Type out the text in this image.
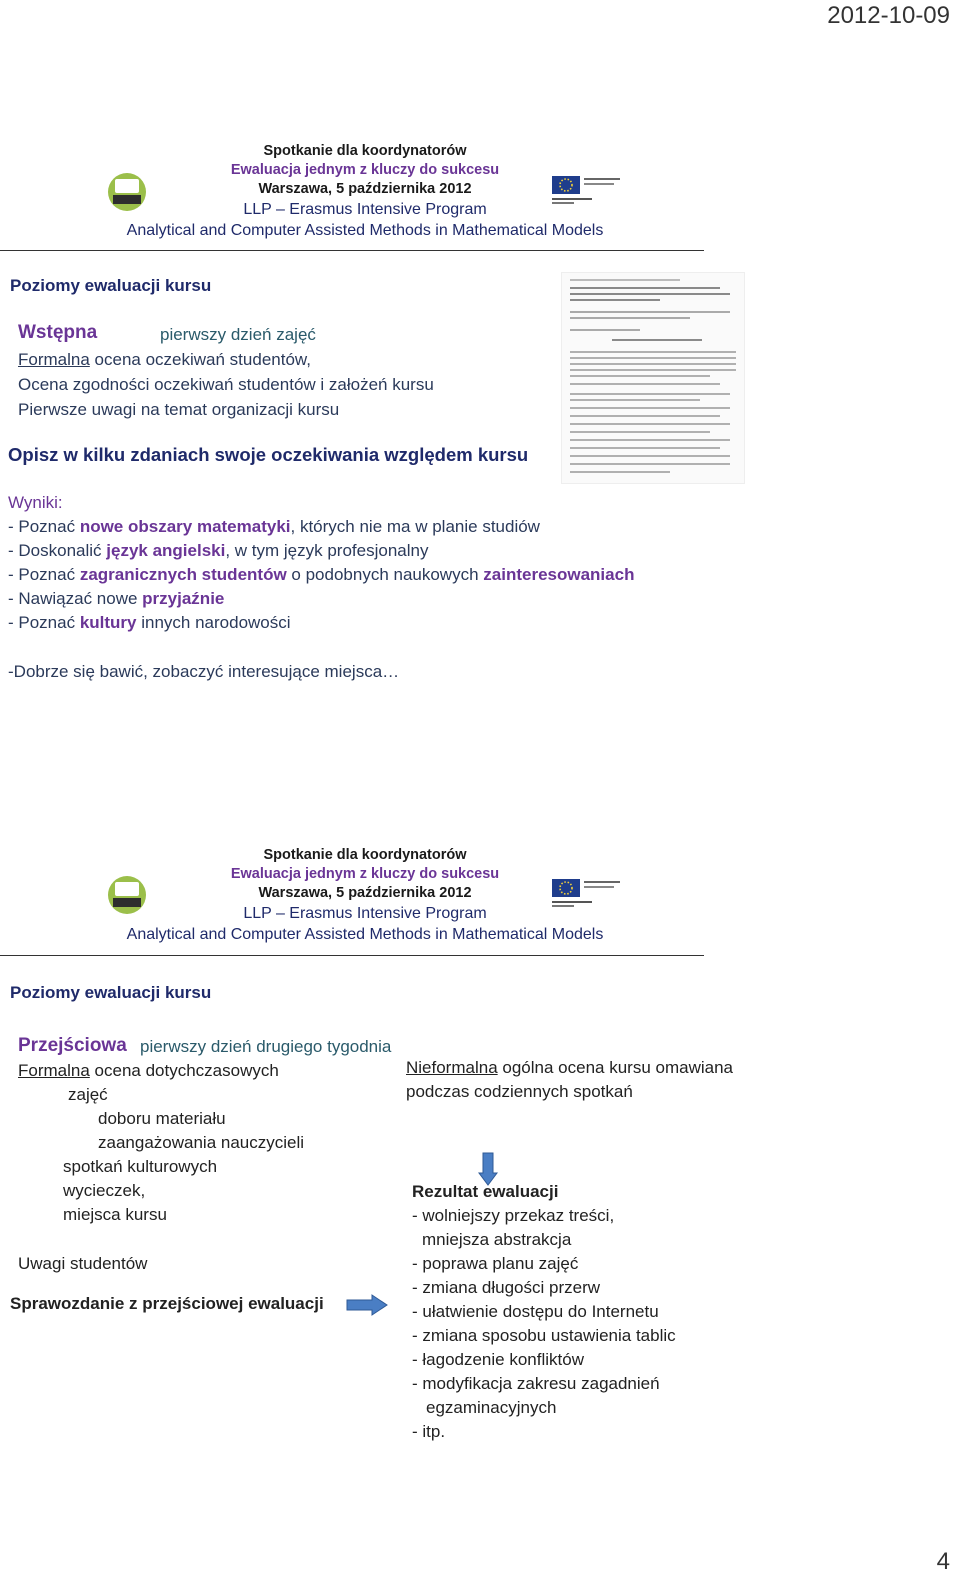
2012-10-09
4
Spotkanie dla koordynatorów
Ewaluacja jednym z kluczy do sukcesu
Warszawa, 5 października 2012
LLP – Erasmus Intensive Program
Analytical and Computer Assisted Methods in Mathematical Models
Poziomy ewaluacji kursu
Wstępna	pierwszy dzień zajęć
Formalna ocena oczekiwań studentów,
Ocena zgodności oczekiwań studentów i założeń kursu
Pierwsze uwagi na temat organizacji kursu
Opisz w kilku zdaniach swoje oczekiwania względem kursu
Wyniki:
- Poznać nowe obszary matematyki, których nie ma w planie studiów
- Doskonalić język angielski, w tym język profesjonalny
- Poznać zagranicznych studentów o podobnych naukowych zainteresowaniach
- Nawiązać nowe przyjaźnie
- Poznać kultury innych narodowości
-Dobrze się bawić, zobaczyć interesujące miejsca…
Spotkanie dla koordynatorów
Ewaluacja jednym z kluczy do sukcesu
Warszawa, 5 października 2012
LLP – Erasmus Intensive Program
Analytical and Computer Assisted Methods in Mathematical Models
Poziomy ewaluacji kursu
Przejściowa pierwszy dzień drugiego tygodnia
Formalna ocena dotychczasowych
zajęć
doboru materiału
zaangażowania nauczycieli
spotkań kulturowych
wycieczek,
miejsca kursu
Uwagi studentów
Sprawozdanie z przejściowej ewaluacji
Nieformalna ogólna ocena kursu omawiana
podczas codziennych spotkań
Rezultat ewaluacji
- wolniejszy przekaz treści,
mniejsza abstrakcja
- poprawa planu zajęć
- zmiana długości przerw
- ułatwienie dostępu do Internetu
- zmiana sposobu ustawienia tablic
- łagodzenie konfliktów
- modyfikacja zakresu zagadnień
egzaminacyjnych
- itp.
